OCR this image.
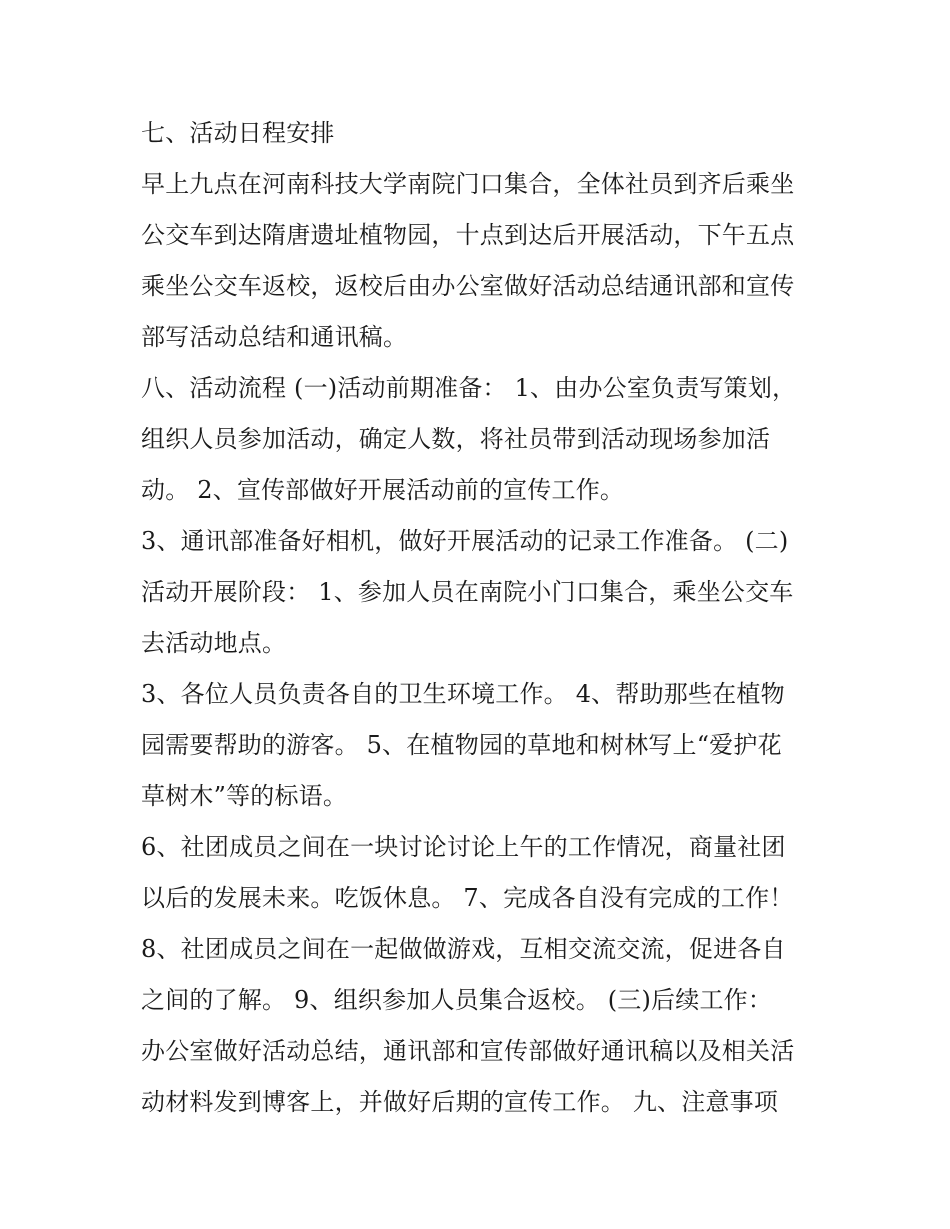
七、活动日程安排
早上九点在河南科技大学南院门口集合，全体社员到齐后乘坐
公交车到达隋唐遗址植物园，十点到达后开展活动，下午五点
乘坐公交车返校，返校后由办公室做好活动总结通讯部和宣传
部写活动总结和通讯稿。
八、活动流程 (一)活动前期准备： 1、由办公室负责写策划，
组织人员参加活动，确定人数，将社员带到活动现场参加活
动。 2、宣传部做好开展活动前的宣传工作。
3、通讯部准备好相机，做好开展活动的记录工作准备。 (二)
活动开展阶段： 1、参加人员在南院小门口集合，乘坐公交车
去活动地点。
3、各位人员负责各自的卫生环境工作。 4、帮助那些在植物
园需要帮助的游客。 5、在植物园的草地和树林写上“爱护花
草树木”等的标语。
6、社团成员之间在一块讨论讨论上午的工作情况，商量社团
以后的发展未来。吃饭休息。 7、完成各自没有完成的工作！
8、社团成员之间在一起做做游戏，互相交流交流，促进各自
之间的了解。 9、组织参加人员集合返校。 (三)后续工作：
办公室做好活动总结，通讯部和宣传部做好通讯稿以及相关活
动材料发到博客上，并做好后期的宣传工作。 九、注意事项
